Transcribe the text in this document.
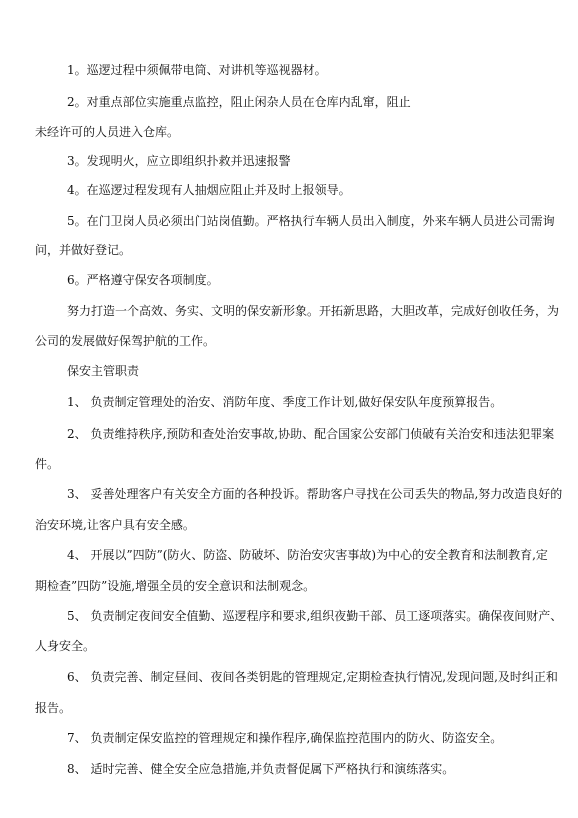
1。巡逻过程中须佩带电筒、对讲机等巡视器材。
2。对重点部位实施重点监控，阻止闲杂人员在仓库内乱窜，阻止
未经许可的人员进入仓库。
3。发现明火，应立即组织扑救并迅速报警
4。在巡逻过程发现有人抽烟应阻止并及时上报领导。
5。在门卫岗人员必须出门站岗值勤。严格执行车辆人员出入制度，外来车辆人员进公司需询
问，并做好登记。
6。严格遵守保安各项制度。
努力打造一个高效、务实、文明的保安新形象。开拓新思路，大胆改革，完成好创收任务，为
公司的发展做好保驾护航的工作。
保安主管职责
1、 负责制定管理处的治安、消防年度、季度工作计划,做好保安队年度预算报告。
2、 负责维持秩序,预防和查处治安事故,协助、配合国家公安部门侦破有关治安和违法犯罪案
件。
3、 妥善处理客户有关安全方面的各种投诉。帮助客户寻找在公司丢失的物品,努力改造良好的
治安环境,让客户具有安全感。
4、 开展以”四防”(防火、防盗、防破坏、防治安灾害事故)为中心的安全教育和法制教育,定
期检查”四防”设施,增强全员的安全意识和法制观念。
5、 负责制定夜间安全值勤、巡逻程序和要求,组织夜勤干部、员工逐项落实。确保夜间财产、
人身安全。
6、 负责完善、制定昼间、夜间各类钥匙的管理规定,定期检查执行情况,发现问题,及时纠正和
报告。
7、 负责制定保安监控的管理规定和操作程序,确保监控范围内的防火、防盗安全。
8、 适时完善、健全安全应急措施,并负责督促属下严格执行和演练落实。
